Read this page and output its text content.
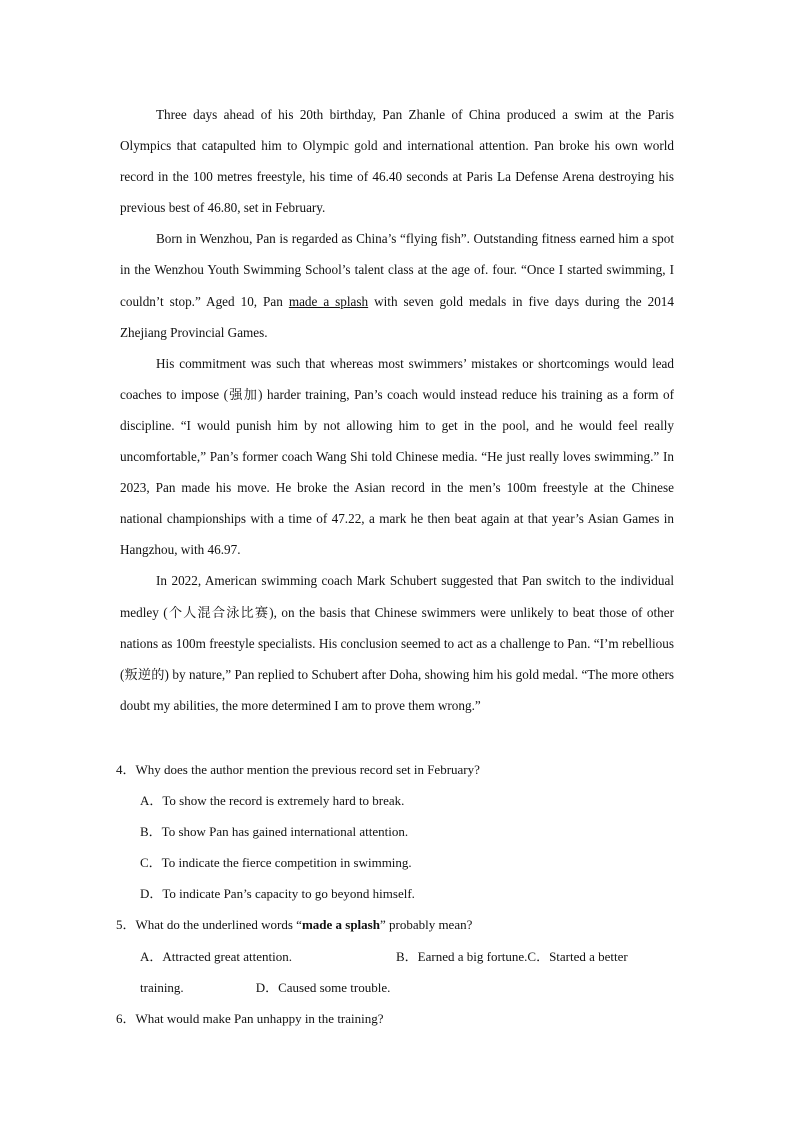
Three days ahead of his 20th birthday, Pan Zhanle of China produced a swim at the Paris Olympics that catapulted him to Olympic gold and international attention. Pan broke his own world record in the 100 metres freestyle, his time of 46.40 seconds at Paris La Defense Arena destroying his previous best of 46.80, set in February.

Born in Wenzhou, Pan is regarded as China’s “flying fish”. Outstanding fitness earned him a spot in the Wenzhou Youth Swimming School’s talent class at the age of. four. “Once I started swimming, I couldn’t stop.” Aged 10, Pan made a splash with seven gold medals in five days during the 2014 Zhejiang Provincial Games.

His commitment was such that whereas most swimmers’ mistakes or shortcomings would lead coaches to impose (强加) harder training, Pan’s coach would instead reduce his training as a form of discipline. “I would punish him by not allowing him to get in the pool, and he would feel really uncomfortable,” Pan’s former coach Wang Shi told Chinese media. “He just really loves swimming.” In 2023, Pan made his move. He broke the Asian record in the men’s 100m freestyle at the Chinese national championships with a time of 47.22, a mark he then beat again at that year’s Asian Games in Hangzhou, with 46.97.

In 2022, American swimming coach Mark Schubert suggested that Pan switch to the individual medley (个人混合泳比赛), on the basis that Chinese swimmers were unlikely to beat those of other nations as 100m freestyle specialists. His conclusion seemed to act as a challenge to Pan. “I’m rebellious (叛逆的) by nature,” Pan replied to Schubert after Doha, showing him his gold medal. “The more others doubt my abilities, the more determined I am to prove them wrong.”

4．Why does the author mention the previous record set in February?
A．To show the record is extremely hard to break.
B．To show Pan has gained international attention.
C．To indicate the fierce competition in swimming.
D．To indicate Pan’s capacity to go beyond himself.
5．What do the underlined words “made a splash” probably mean?
A．Attracted great attention.	B．Earned a big fortune.C．Started a better
training.	D．Caused some trouble.
6．What would make Pan unhappy in the training?
